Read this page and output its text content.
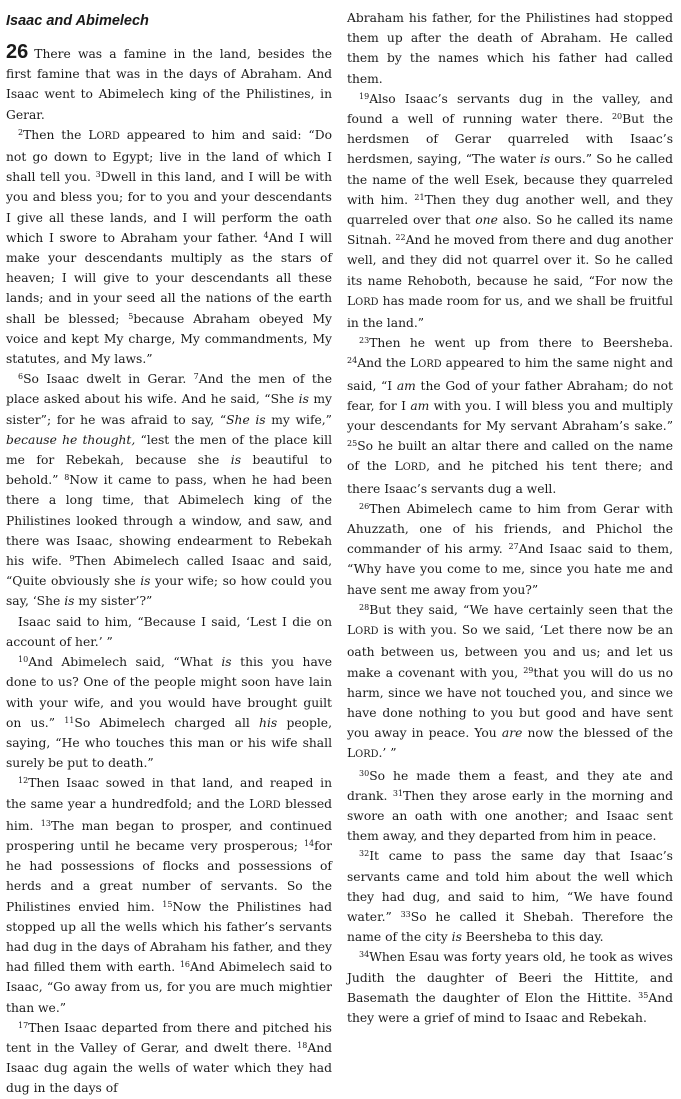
Isaac and Abimelech

26 There was a famine in the land, besides the first famine that was in the days of Abraham. And Isaac went to Abimelech king of the Philistines, in Gerar.

$^2$Then the LORD appeared to him and said: “Do not go down to Egypt; live in the land of which I shall tell you. $^3$Dwell in this land, and I will be with you and bless you; for to you and your descendants I give all these lands, and I will perform the oath which I swore to Abraham your father. $^4$And I will make your descendants multiply as the stars of heaven; I will give to your descendants all these lands; and in your seed all the nations of the earth shall be blessed; $^5$because Abraham obeyed My voice and kept My charge, My commandments, My statutes, and My laws.”

$^6$So Isaac dwelt in Gerar. $^7$And the men of the place asked about his wife. And he said, “She is my sister”; for he was afraid to say, “She is my wife,” because he thought, “lest the men of the place kill me for Rebekah, because she is beautiful to behold.” $^8$Now it came to pass, when he had been there a long time, that Abimelech king of the Philistines looked through a window, and saw, and there was Isaac, showing endearment to Rebekah his wife. $^9$Then Abimelech called Isaac and said, “Quite obviously she is your wife; so how could you say, ‘She is my sister’?”

Isaac said to him, “Because I said, ‘Lest I die on account of her.’ ”

$^{10}$And Abimelech said, “What is this you have done to us? One of the people might soon have lain with your wife, and you would have brought guilt on us.” $^{11}$So Abimelech charged all his people, saying, “He who touches this man or his wife shall surely be put to death.”

$^{12}$Then Isaac sowed in that land, and reaped in the same year a hundredfold; and the LORD blessed him. $^{13}$The man began to prosper, and continued prospering until he became very prosperous; $^{14}$for he had possessions of flocks and possessions of herds and a great number of servants. So the Philistines envied him. $^{15}$Now the Philistines had stopped up all the wells which his father’s servants had dug in the days of Abraham his father, and they had filled them with earth. $^{16}$And Abimelech said to Isaac, “Go away from us, for you are much mightier than we.”

$^{17}$Then Isaac departed from there and pitched his tent in the Valley of Gerar, and dwelt there. $^{18}$And Isaac dug again the wells of water which they had dug in the days of

Abraham his father, for the Philistines had stopped them up after the death of Abraham. He called them by the names which his father had called them.

$^{19}$Also Isaac’s servants dug in the valley, and found a well of running water there. $^{20}$But the herdsmen of Gerar quarreled with Isaac’s herdsmen, saying, “The water is ours.” So he called the name of the well Esek, because they quarreled with him. $^{21}$Then they dug another well, and they quarreled over that one also. So he called its name Sitnah. $^{22}$And he moved from there and dug another well, and they did not quarrel over it. So he called its name Rehoboth, because he said, “For now the LORD has made room for us, and we shall be fruitful in the land.”

$^{23}$Then he went up from there to Beersheba. $^{24}$And the LORD appeared to him the same night and said, “I am the God of your father Abraham; do not fear, for I am with you. I will bless you and multiply your descendants for My servant Abraham’s sake.” $^{25}$So he built an altar there and called on the name of the LORD, and he pitched his tent there; and there Isaac’s servants dug a well.

$^{26}$Then Abimelech came to him from Gerar with Ahuzzath, one of his friends, and Phichol the commander of his army. $^{27}$And Isaac said to them, “Why have you come to me, since you hate me and have sent me away from you?”

$^{28}$But they said, “We have certainly seen that the LORD is with you. So we said, ‘Let there now be an oath between us, between you and us; and let us make a covenant with you, $^{29}$that you will do us no harm, since we have not touched you, and since we have done nothing to you but good and have sent you away in peace. You are now the blessed of the LORD.’ ”

$^{30}$So he made them a feast, and they ate and drank. $^{31}$Then they arose early in the morning and swore an oath with one another; and Isaac sent them away, and they departed from him in peace.

$^{32}$It came to pass the same day that Isaac’s servants came and told him about the well which they had dug, and said to him, “We have found water.” $^{33}$So he called it Shebah. Therefore the name of the city is Beersheba to this day.

$^{34}$When Esau was forty years old, he took as wives Judith the daughter of Beeri the Hittite, and Basemath the daughter of Elon the Hittite. $^{35}$And they were a grief of mind to Isaac and Rebekah.
